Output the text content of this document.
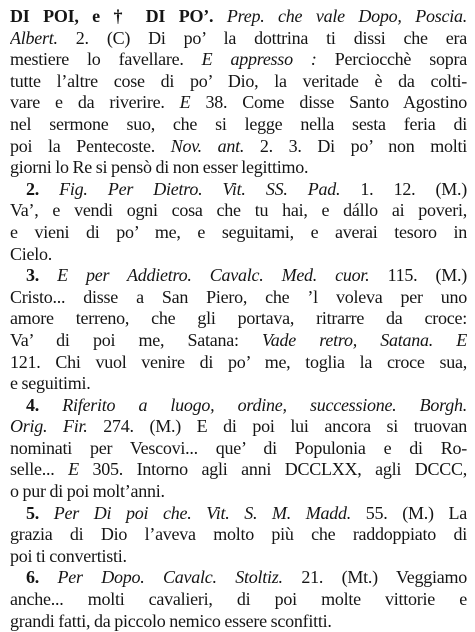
DI POI, e † DI PO’. Prep. che vale Dopo, Poscia.
Albert. 2. (C) Di po’ la dottrina ti dissi che era
mestiere lo favellare. E appresso : Perciocchè sopra
tutte l’altre cose di po’ Dio, la veritade è da colti-
vare e da riverire. E 38. Come disse Santo Agostino
nel sermone suo, che si legge nella sesta feria di
poi la Pentecoste. Nov. ant. 2. 3. Di po’ non molti
giorni lo Re si pensò di non esser legittimo.
2. Fig. Per Dietro. Vit. SS. Pad. 1. 12. (M.)
Va’, e vendi ogni cosa che tu hai, e dállo ai poveri,
e vieni di po’ me, e seguitami, e averai tesoro in
Cielo.
3. E per Addietro. Cavalc. Med. cuor. 115. (M.)
Cristo... disse a San Piero, che ’l voleva per uno
amore terreno, che gli portava, ritrarre da croce:
Va’ di poi me, Satana: Vade retro, Satana. E
121. Chi vuol venire di po’ me, toglia la croce sua,
e seguitimi.
4. Riferito a luogo, ordine, successione. Borgh.
Orig. Fir. 274. (M.) E di poi lui ancora si truovan
nominati per Vescovi... que’ di Populonia e di Ro-
selle... E 305. Intorno agli anni DCCLXX, agli DCCC,
o pur di poi molt’anni.
5. Per Di poi che. Vit. S. M. Madd. 55. (M.) La
grazia di Dio l’aveva molto più che raddoppiato di
poi ti convertisti.
6. Per Dopo. Cavalc. Stoltiz. 21. (Mt.) Veggiamo
anche... molti cavalieri, di poi molte vittorie e
grandi fatti, da piccolo nemico essere sconfitti.
